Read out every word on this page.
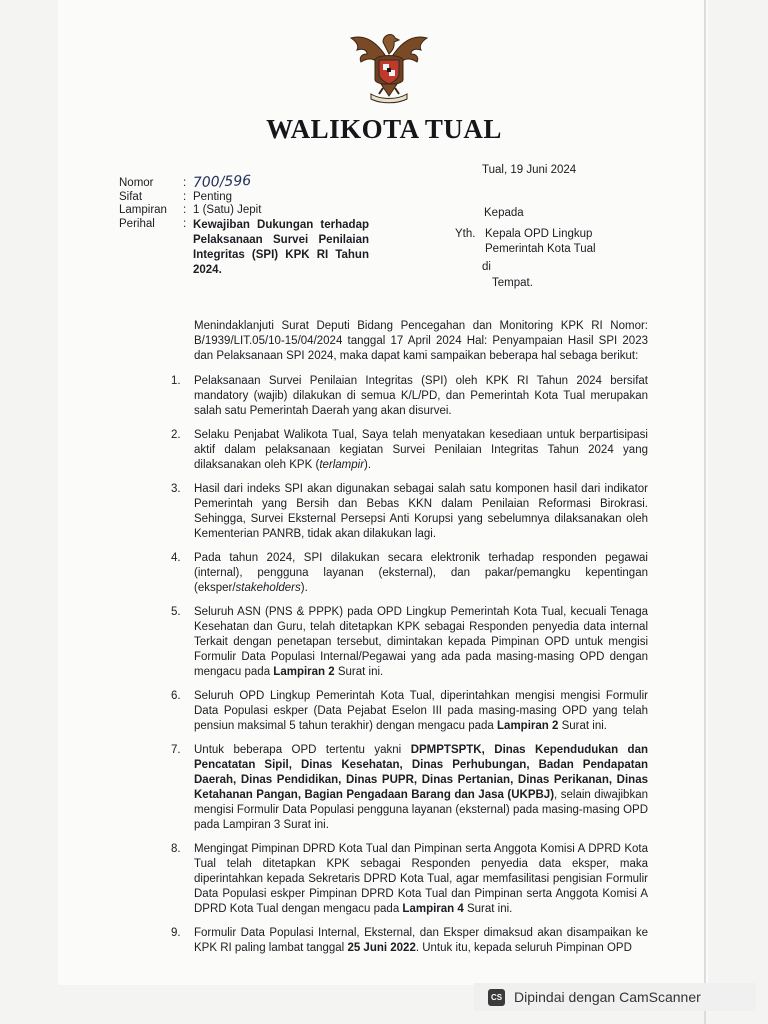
WALIKOTA TUAL
Tual, 19 Juni 2024
Nomor	: 700/596
Sifat	: Penting
Lampiran	: 1 (Satu) Jepit
Perihal	: Kewajiban Dukungan terhadap Pelaksanaan Survei Penilaian Integritas (SPI) KPK RI Tahun 2024.
Kepada
Yth. Kepala OPD Lingkup Pemerintah Kota Tual
di
Tempat.

Menindaklanjuti Surat Deputi Bidang Pencegahan dan Monitoring KPK RI Nomor: B/1939/LIT.05/10-15/04/2024 tanggal 17 April 2024 Hal: Penyampaian Hasil SPI 2023 dan Pelaksanaan SPI 2024, maka dapat kami sampaikan beberapa hal sebaga berikut:

1.	Pelaksanaan Survei Penilaian Integritas (SPI) oleh KPK RI Tahun 2024 bersifat mandatory (wajib) dilakukan di semua K/L/PD, dan Pemerintah Kota Tual merupakan salah satu Pemerintah Daerah yang akan disurvei.
2.	Selaku Penjabat Walikota Tual, Saya telah menyatakan kesediaan untuk berpartisipasi aktif dalam pelaksanaan kegiatan Survei Penilaian Integritas Tahun 2024 yang dilaksanakan oleh KPK (terlampir).
3.	Hasil dari indeks SPI akan digunakan sebagai salah satu komponen hasil dari indikator Pemerintah yang Bersih dan Bebas KKN dalam Penilaian Reformasi Birokrasi. Sehingga, Survei Eksternal Persepsi Anti Korupsi yang sebelumnya dilaksanakan oleh Kementerian PANRB, tidak akan dilakukan lagi.
4.	Pada tahun 2024, SPI dilakukan secara elektronik terhadap responden pegawai (internal), pengguna layanan (eksternal), dan pakar/pemangku kepentingan (eksper/stakeholders).
5.	Seluruh ASN (PNS & PPPK) pada OPD Lingkup Pemerintah Kota Tual, kecuali Tenaga Kesehatan dan Guru, telah ditetapkan KPK sebagai Responden penyedia data internal Terkait dengan penetapan tersebut, dimintakan kepada Pimpinan OPD untuk mengisi Formulir Data Populasi Internal/Pegawai yang ada pada masing-masing OPD dengan mengacu pada Lampiran 2 Surat ini.
6.	Seluruh OPD Lingkup Pemerintah Kota Tual, diperintahkan mengisi mengisi Formulir Data Populasi eskper (Data Pejabat Eselon III pada masing-masing OPD yang telah pensiun maksimal 5 tahun terakhir) dengan mengacu pada Lampiran 2 Surat ini.
7.	Untuk beberapa OPD tertentu yakni DPMPTSPTK, Dinas Kependudukan dan Pencatatan Sipil, Dinas Kesehatan, Dinas Perhubungan, Badan Pendapatan Daerah, Dinas Pendidikan, Dinas PUPR, Dinas Pertanian, Dinas Perikanan, Dinas Ketahanan Pangan, Bagian Pengadaan Barang dan Jasa (UKPBJ), selain diwajibkan mengisi Formulir Data Populasi pengguna layanan (eksternal) pada masing-masing OPD pada Lampiran 3 Surat ini.
8.	Mengingat Pimpinan DPRD Kota Tual dan Pimpinan serta Anggota Komisi A DPRD Kota Tual telah ditetapkan KPK sebagai Responden penyedia data eksper, maka diperintahkan kepada Sekretaris DPRD Kota Tual, agar memfasilitasi pengisian Formulir Data Populasi eskper Pimpinan DPRD Kota Tual dan Pimpinan serta Anggota Komisi A DPRD Kota Tual dengan mengacu pada Lampiran 4 Surat ini.
9.	Formulir Data Populasi Internal, Eksternal, dan Eksper dimaksud akan disampaikan ke KPK RI paling lambat tanggal 25 Juni 2022. Untuk itu, kepada seluruh Pimpinan OPD
CS Dipindai dengan CamScanner
